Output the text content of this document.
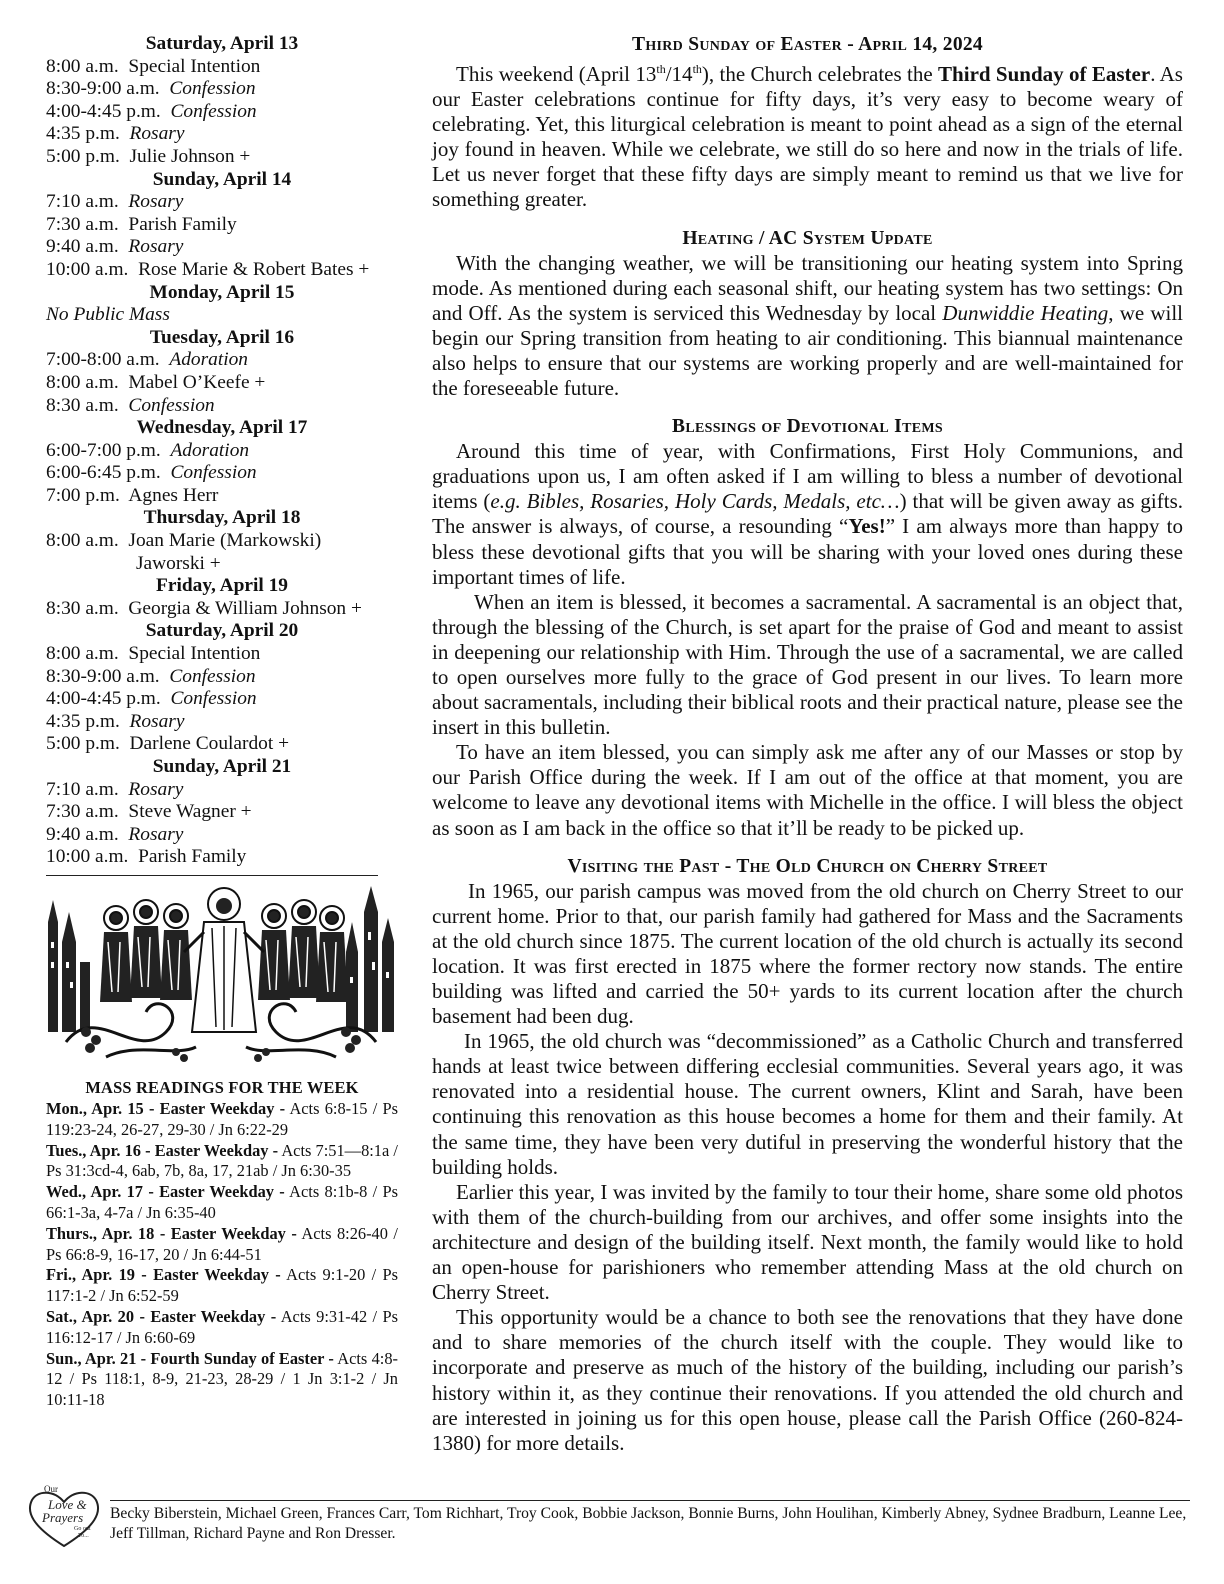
Saturday, April 13
8:00 a.m. Special Intention
8:30-9:00 a.m. Confession
4:00-4:45 p.m. Confession
4:35 p.m. Rosary
5:00 p.m. Julie Johnson +
Sunday, April 14
7:10 a.m. Rosary
7:30 a.m. Parish Family
9:40 a.m. Rosary
10:00 a.m. Rose Marie & Robert Bates +
Monday, April 15
No Public Mass
Tuesday, April 16
7:00-8:00 a.m. Adoration
8:00 a.m. Mabel O’Keefe +
8:30 a.m. Confession
Wednesday, April 17
6:00-7:00 p.m. Adoration
6:00-6:45 p.m. Confession
7:00 p.m. Agnes Herr
Thursday, April 18
8:00 a.m. Joan Marie (Markowski)
Jaworski +
Friday, April 19
8:30 a.m. Georgia & William Johnson +
Saturday, April 20
8:00 a.m. Special Intention
8:30-9:00 a.m. Confession
4:00-4:45 p.m. Confession
4:35 p.m. Rosary
5:00 p.m. Darlene Coulardot +
Sunday, April 21
7:10 a.m. Rosary
7:30 a.m. Steve Wagner +
9:40 a.m. Rosary
10:00 a.m. Parish Family
MASS READINGS FOR THE WEEK

Mon., Apr. 15 - Easter Weekday - Acts 6:8-15 / Ps 119:23-24, 26-27, 29-30 / Jn 6:22-29

Tues., Apr. 16 - Easter Weekday - Acts 7:51—8:1a / Ps 31:3cd-4, 6ab, 7b, 8a, 17, 21ab / Jn 6:30-35

Wed., Apr. 17 - Easter Weekday - Acts 8:1b-8 / Ps 66:1-3a, 4-7a / Jn 6:35-40

Thurs., Apr. 18 - Easter Weekday - Acts 8:26-40 / Ps 66:8-9, 16-17, 20 / Jn 6:44-51

Fri., Apr. 19 - Easter Weekday - Acts 9:1-20 / Ps 117:1-2 / Jn 6:52-59

Sat., Apr. 20 - Easter Weekday - Acts 9:31-42 / Ps 116:12-17 / Jn 6:60-69

Sun., Apr. 21 - Fourth Sunday of Easter - Acts 4:8-12 / Ps 118:1, 8-9, 21-23, 28-29 / 1 Jn 3:1-2 / Jn 10:11-18

Third Sunday of Easter - April 14, 2024

This weekend (April 13th/14th), the Church celebrates the Third Sunday of Easter. As our Easter celebrations continue for fifty days, it’s very easy to become weary of celebrating. Yet, this liturgical celebration is meant to point ahead as a sign of the eternal joy found in heaven. While we celebrate, we still do so here and now in the trials of life. Let us never forget that these fifty days are simply meant to remind us that we live for something greater.

Heating / AC System Update

With the changing weather, we will be transitioning our heating system into Spring mode. As mentioned during each seasonal shift, our heating system has two settings: On and Off. As the system is serviced this Wednesday by local Dunwiddie Heating, we will begin our Spring transition from heating to air conditioning. This biannual maintenance also helps to ensure that our systems are working properly and are well-maintained for the foreseeable future.

Blessings of Devotional Items

Around this time of year, with Confirmations, First Holy Communions, and graduations upon us, I am often asked if I am willing to bless a number of devotional items (e.g. Bibles, Rosaries, Holy Cards, Medals, etc…) that will be given away as gifts. The answer is always, of course, a resounding “Yes!” I am always more than happy to bless these devotional gifts that you will be sharing with your loved ones during these important times of life.

When an item is blessed, it becomes a sacramental. A sacramental is an object that, through the blessing of the Church, is set apart for the praise of God and meant to assist in deepening our relationship with Him. Through the use of a sacramental, we are called to open ourselves more fully to the grace of God present in our lives. To learn more about sacramentals, including their biblical roots and their practical nature, please see the insert in this bulletin.

To have an item blessed, you can simply ask me after any of our Masses or stop by our Parish Office during the week. If I am out of the office at that moment, you are welcome to leave any devotional items with Michelle in the office. I will bless the object as soon as I am back in the office so that it’ll be ready to be picked up.

Visiting the Past - The Old Church on Cherry Street

In 1965, our parish campus was moved from the old church on Cherry Street to our current home. Prior to that, our parish family had gathered for Mass and the Sacraments at the old church since 1875. The current location of the old church is actually its second location. It was first erected in 1875 where the former rectory now stands. The entire building was lifted and carried the 50+ yards to its current location after the church basement had been dug.

In 1965, the old church was “decommissioned” as a Catholic Church and transferred hands at least twice between differing ecclesial communities. Several years ago, it was renovated into a residential house. The current owners, Klint and Sarah, have been continuing this renovation as this house becomes a home for them and their family. At the same time, they have been very dutiful in preserving the wonderful history that the building holds.

Earlier this year, I was invited by the family to tour their home, share some old photos with them of the church-building from our archives, and offer some insights into the architecture and design of the building itself. Next month, the family would like to hold an open-house for parishioners who remember attending Mass at the old church on Cherry Street.

This opportunity would be a chance to both see the renovations that they have done and to share memories of the church itself with the couple. They would like to incorporate and preserve as much of the history of the building, including our parish’s history within it, as they continue their renovations. If you attended the old church and are interested in joining us for this open house, please call the Parish Office (260-824-1380) for more details.

Our
Love &
Prayers
Go out
To...
Becky Biberstein, Michael Green, Frances Carr, Tom Richhart, Troy Cook, Bobbie Jackson, Bonnie Burns, John Houlihan, Kimberly Abney, Sydnee Bradburn, Leanne Lee, Jeff Tillman, Richard Payne and Ron Dresser.
